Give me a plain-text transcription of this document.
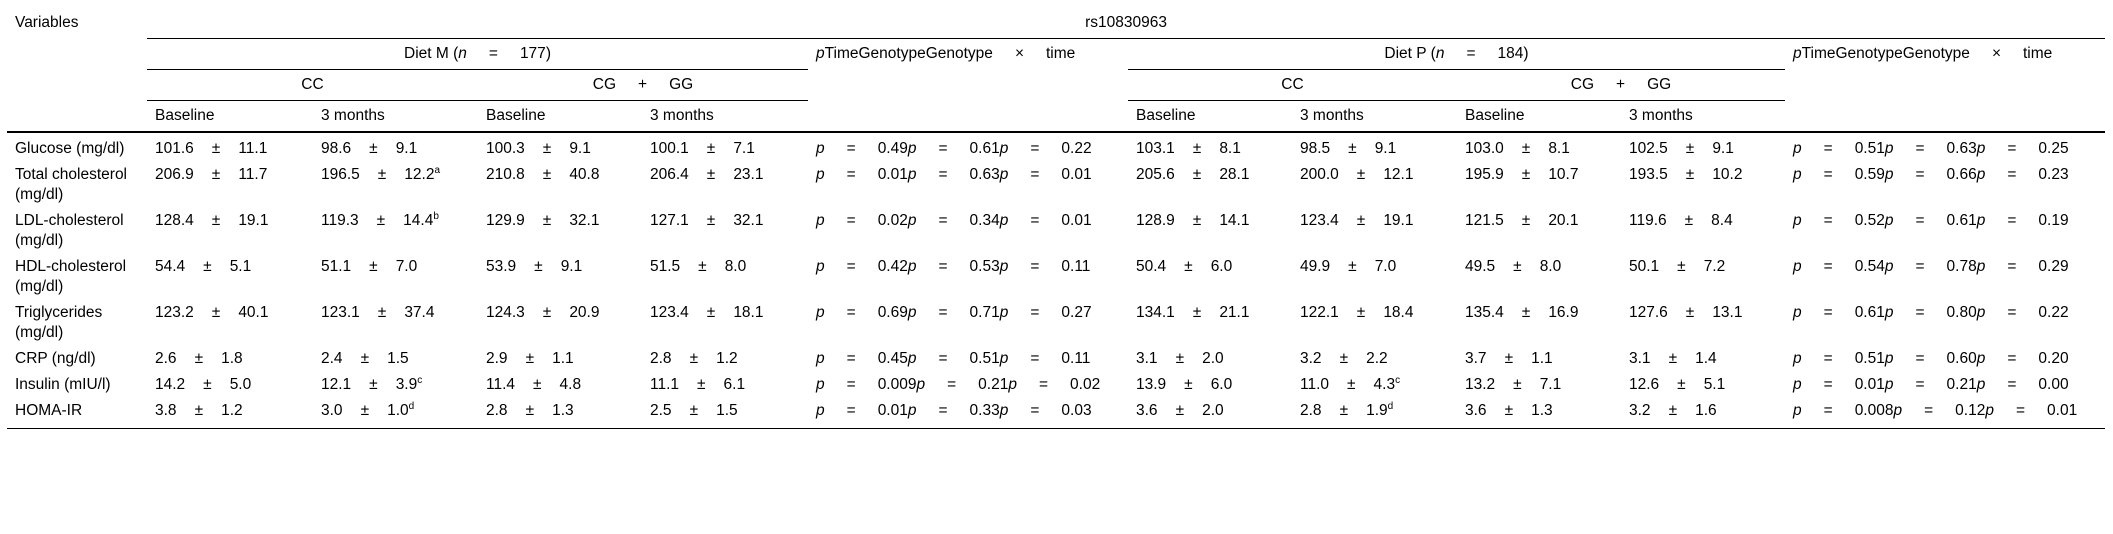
Variables	rs10830963									
	Diet M (n = 177)				pTimeGenotypeGenotype × time	Diet P (n = 184)				pTimeGenotypeGenotype × time
	CC		CG + GG			CC		CG + GG		
	Baseline	3 months	Baseline	3 months		Baseline	3 months	Baseline	3 months	
Glucose (mg/dl)	101.6 ± 11.1	98.6 ± 9.1	100.3 ± 9.1	100.1 ± 7.1	p = 0.49p = 0.61p = 0.22	103.1 ± 8.1	98.5 ± 9.1	103.0 ± 8.1	102.5 ± 9.1	p = 0.51p = 0.63p = 0.25
Total cholesterol (mg/dl)	206.9 ± 11.7	196.5 ± 12.2$^a$	210.8 ± 40.8	206.4 ± 23.1	p = 0.01p = 0.63p = 0.01	205.6 ± 28.1	200.0 ± 12.1	195.9 ± 10.7	193.5 ± 10.2	p = 0.59p = 0.66p = 0.23
LDL-cholesterol (mg/dl)	128.4 ± 19.1	119.3 ± 14.4$^b$	129.9 ± 32.1	127.1 ± 32.1	p = 0.02p = 0.34p = 0.01	128.9 ± 14.1	123.4 ± 19.1	121.5 ± 20.1	119.6 ± 8.4	p = 0.52p = 0.61p = 0.19
HDL-cholesterol (mg/dl)	54.4 ± 5.1	51.1 ± 7.0	53.9 ± 9.1	51.5 ± 8.0	p = 0.42p = 0.53p = 0.11	50.4 ± 6.0	49.9 ± 7.0	49.5 ± 8.0	50.1 ± 7.2	p = 0.54p = 0.78p = 0.29
Triglycerides (mg/dl)	123.2 ± 40.1	123.1 ± 37.4	124.3 ± 20.9	123.4 ± 18.1	p = 0.69p = 0.71p = 0.27	134.1 ± 21.1	122.1 ± 18.4	135.4 ± 16.9	127.6 ± 13.1	p = 0.61p = 0.80p = 0.22
CRP (ng/dl)	2.6 ± 1.8	2.4 ± 1.5	2.9 ± 1.1	2.8 ± 1.2	p = 0.45p = 0.51p = 0.11	3.1 ± 2.0	3.2 ± 2.2	3.7 ± 1.1	3.1 ± 1.4	p = 0.51p = 0.60p = 0.20
Insulin (mIU/l)	14.2 ± 5.0	12.1 ± 3.9$^c$	11.4 ± 4.8	11.1 ± 6.1	p = 0.009p = 0.21p = 0.02	13.9 ± 6.0	11.0 ± 4.3$^c$	13.2 ± 7.1	12.6 ± 5.1	p = 0.01p = 0.21p = 0.00
HOMA-IR	3.8 ± 1.2	3.0 ± 1.0$^d$	2.8 ± 1.3	2.5 ± 1.5	p = 0.01p = 0.33p = 0.03	3.6 ± 2.0	2.8 ± 1.9$^d$	3.6 ± 1.3	3.2 ± 1.6	p = 0.008p = 0.12p = 0.01
